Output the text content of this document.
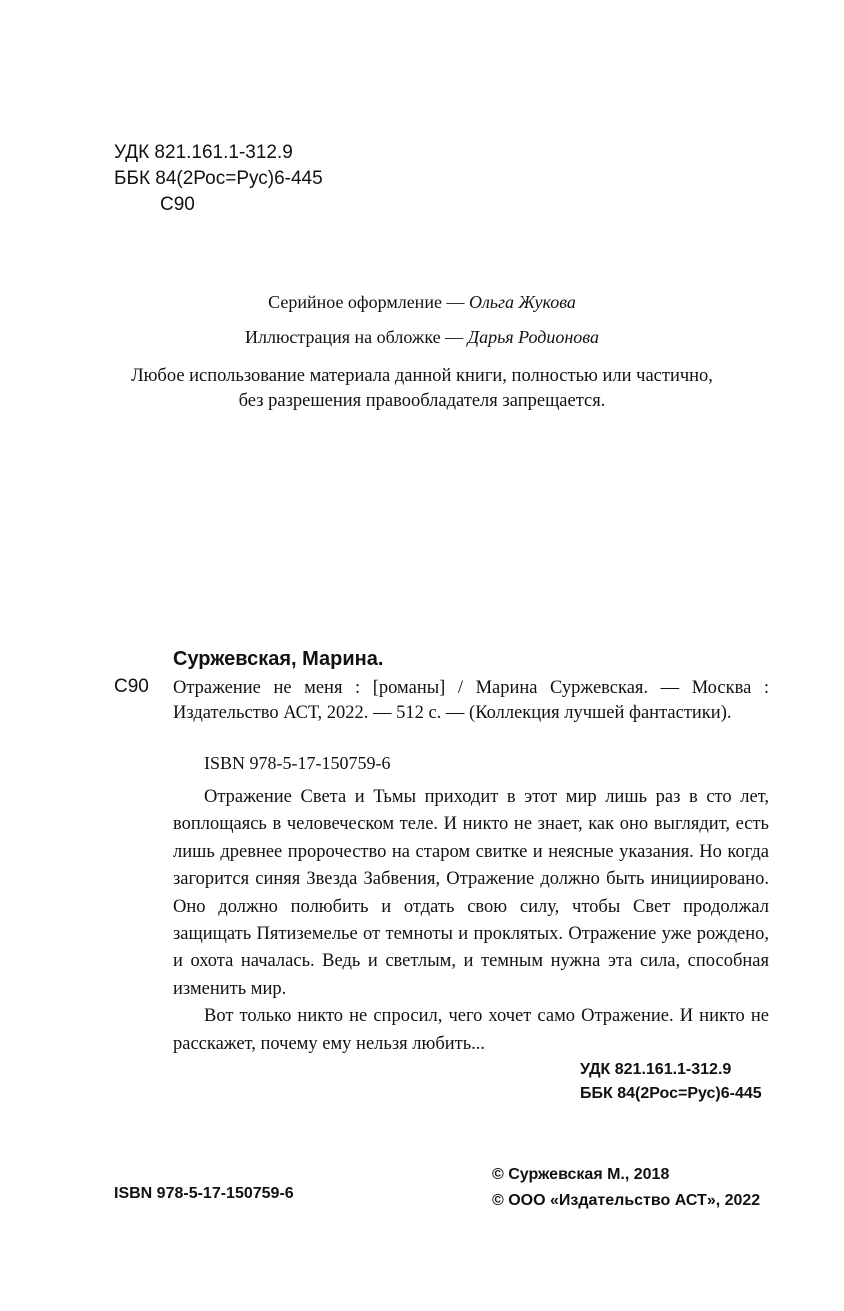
УДК 821.161.1-312.9
ББК 84(2Рос=Рус)6-445
С90
Серийное оформление — Ольга Жукова
Иллюстрация на обложке — Дарья Родионова
Любое использование материала данной книги, полностью или частично, без разрешения правообладателя запрещается.
Суржевская, Марина.
С90 Отражение не меня : [романы] / Марина Суржевская. — Москва : Издательство АСТ, 2022. — 512 с. — (Коллекция лучшей фантастики).
ISBN 978-5-17-150759-6

Отражение Света и Тьмы приходит в этот мир лишь раз в сто лет, воплощаясь в человеческом теле. И никто не знает, как оно выглядит, есть лишь древнее пророчество на старом свитке и неясные указания. Но когда загорится синяя Звезда Забвения, Отражение должно быть инициировано. Оно должно полюбить и отдать свою силу, чтобы Свет продолжал защищать Пятиземелье от темноты и проклятых. Отражение уже рождено, и охота началась. Ведь и светлым, и темным нужна эта сила, способная изменить мир.

Вот только никто не спросил, чего хочет само Отражение. И никто не расскажет, почему ему нельзя любить...

УДК 821.161.1-312.9
ББК 84(2Рос=Рус)6-445
ISBN 978-5-17-150759-6
© Суржевская М., 2018
© ООО «Издательство АСТ», 2022
